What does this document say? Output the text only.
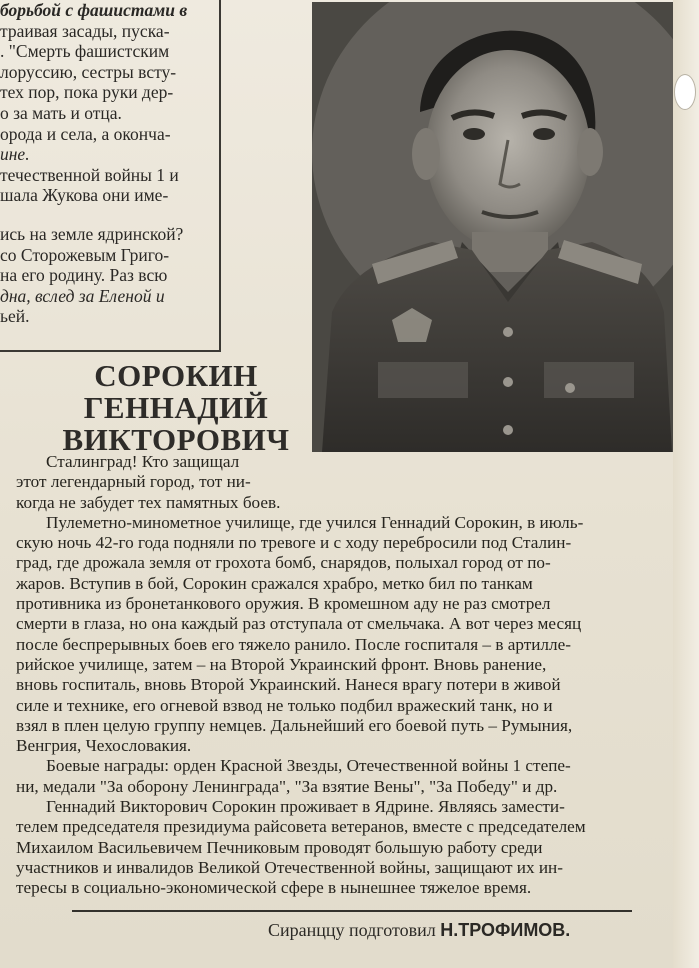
борьбой с фашистами в
траивая засады, пуска-
. "Смерть фашистским
лоруссию, сестры всту-
тех пор, пока руки дер-
о за мать и отца.
орода и села, а оконча-
ине.
течественной войны 1 и
шала Жукова они име-
ись на земле ядринской?
со Сторожевым Григо-
на его родину. Раз всю
дна, вслед за Еленой и
ьей.
СОРОКИН
ГЕННАДИЙ
ВИКТОРОВИЧ
Сталинград! Кто защищал
этот легендарный город, тот ни-
когда не забудет тех памятных боев.
Пулеметно-минометное училище, где учился Геннадий Сорокин, в июль-
скую ночь 42-го года подняли по тревоге и с ходу перебросили под Сталин-
град, где дрожала земля от грохота бомб, снарядов, полыхал город от по-
жаров. Вступив в бой, Сорокин сражался храбро, метко бил по танкам
противника из бронетанкового оружия. В кромешном аду не раз смотрел
смерти в глаза, но она каждый раз отступала от смельчака. А вот через месяц
после беспрерывных боев его тяжело ранило. После госпиталя – в артилле-
рийское училище, затем – на Второй Украинский фронт. Вновь ранение,
вновь госпиталь, вновь Второй Украинский. Нанеся врагу потери в живой
силе и технике, его огневой взвод не только подбил вражеский танк, но и
взял в плен целую группу немцев. Дальнейший его боевой путь – Румыния,
Венгрия, Чехословакия.
Боевые награды: орден Красной Звезды, Отечественной войны 1 степе-
ни, медали "За оборону Ленинграда", "За взятие Вены", "За Победу" и др.
Геннадий Викторович Сорокин проживает в Ядрине. Являясь замести-
телем председателя президиума райсовета ветеранов, вместе с председателем
Михаилом Васильевичем Печниковым проводят большую работу среди
участников и инвалидов Великой Отечественной войны, защищают их ин-
тересы в социально-экономической сфере в нынешнее тяжелое время.
Сиранццу подготовил Н.ТРОФИМОВ.
